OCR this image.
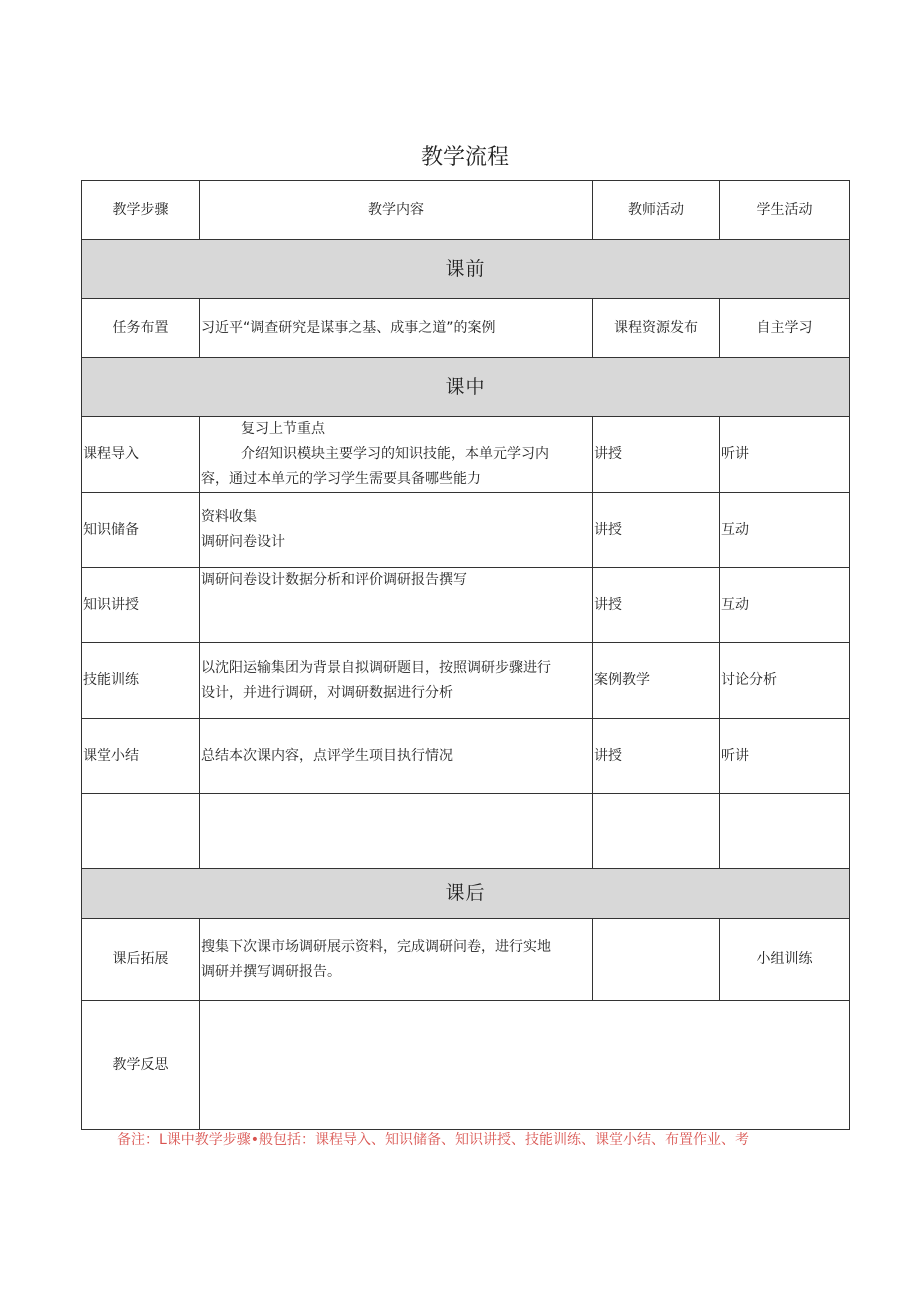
教学流程
教学步骤	教学内容	教师活动	学生活动
课前			
任务布置	习近平“调查研究是谋事之基、成事之道”的案例	课程资源发布	自主学习
课中			
课程导入	复习上节重点
介绍知识模块主要学习的知识技能，本单元学习内
容，通过本单元的学习学生需要具备哪些能力	讲授	听讲
知识储备	资料收集
调研问卷设计	讲授	互动
知识讲授	调研问卷设计数据分析和评价调研报告撰写	讲授	互动
技能训练	以沈阳运输集团为背景自拟调研题目，按照调研步骤进行
设计，并进行调研，对调研数据进行分析	案例教学	讨论分析
课堂小结	总结本次课内容，点评学生项目执行情况	讲授	听讲

课后			
课后拓展	搜集下次课市场调研展示资料，完成调研问卷，进行实地
调研并撰写调研报告。		小组训练
教学反思			
备注：L课中教学步骤•般包括：课程导入、知识储备、知识讲授、技能训练、课堂小结、布置作业、考
